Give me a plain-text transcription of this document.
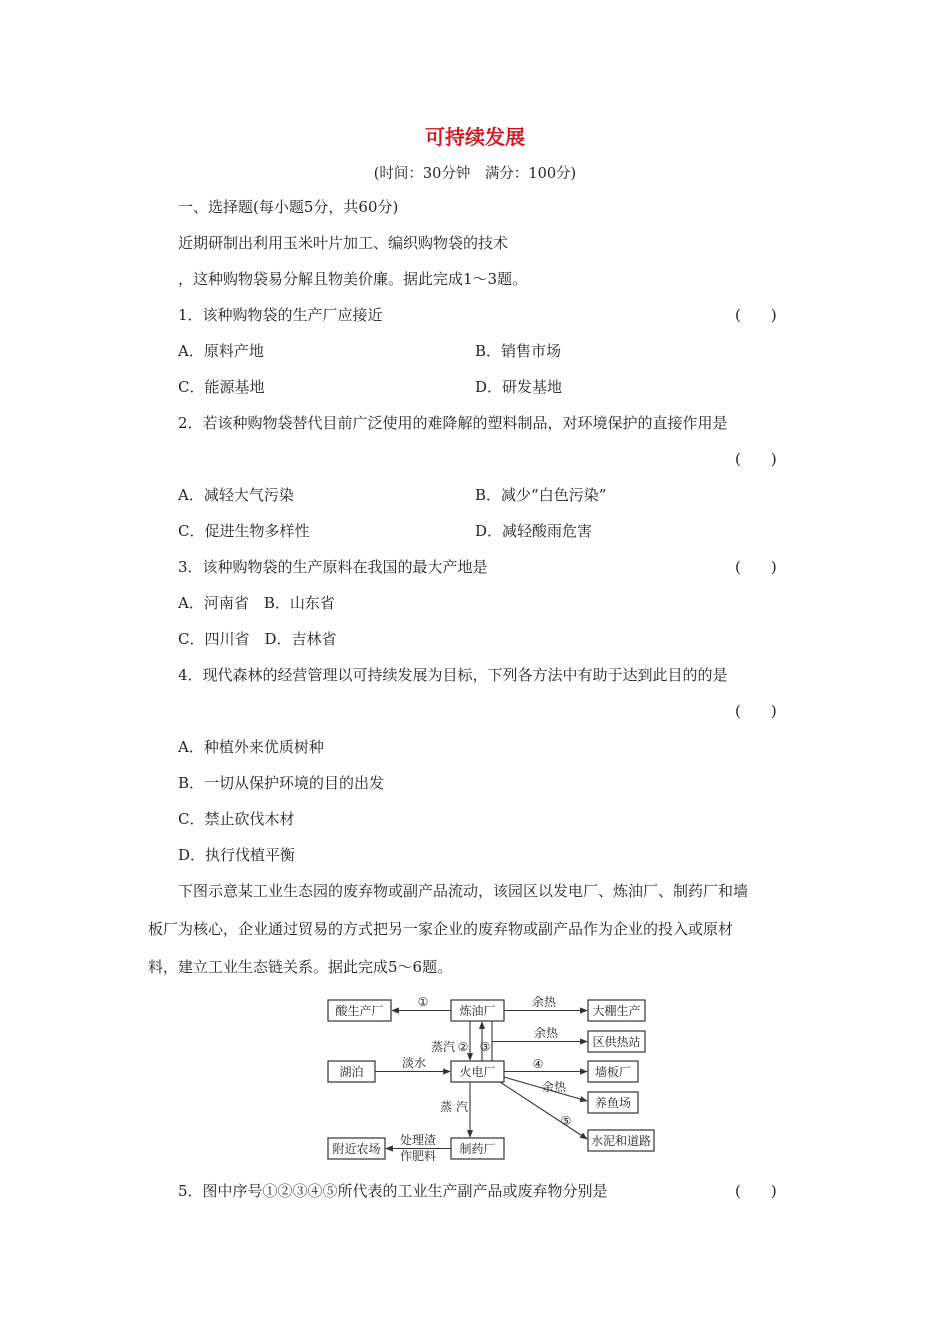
可持续发展
(时间：30分钟　满分：100分)
一、选择题(每小题5分，共60分)
近期研制出利用玉米叶片加工、编织购物袋的技术
，这种购物袋易分解且物美价廉。据此完成1～3题。
1．该种购物袋的生产厂应接近	(　　)
A．原料产地	B．销售市场
C．能源基地	D．研发基地
2．若该种购物袋替代目前广泛使用的难降解的塑料制品，对环境保护的直接作用是
(　　)
A．减轻大气污染	B．减少“白色污染”
C．促进生物多样性	D．减轻酸雨危害
3．该种购物袋的生产原料在我国的最大产地是	(　　)
A．河南省　B．山东省
C．四川省　D．吉林省
4．现代森林的经营管理以可持续发展为目标，下列各方法中有助于达到此目的的是
(　　)
A．种植外来优质树种
B．一切从保护环境的目的出发
C．禁止砍伐木材
D．执行伐植平衡
下图示意某工业生态园的废弃物或副产品流动，该园区以发电厂、炼油厂、制药厂和墙
板厂为核心，企业通过贸易的方式把另一家企业的废弃物或副产品作为企业的投入或原材
料，建立工业生态链关系。据此完成5～6题。
酸生产厂	炼油厂	大棚生产
区供热站
湖泊	火电厂	墙板厂
养鱼场
水泥和道路
附近农场	制药厂
①
② ③
④
⑤
余热
余热
余热
蒸汽
蒸 汽
淡水
处理渣
作肥料
5．图中序号①②③④⑤所代表的工业生产副产品或废弃物分别是	(　　)
